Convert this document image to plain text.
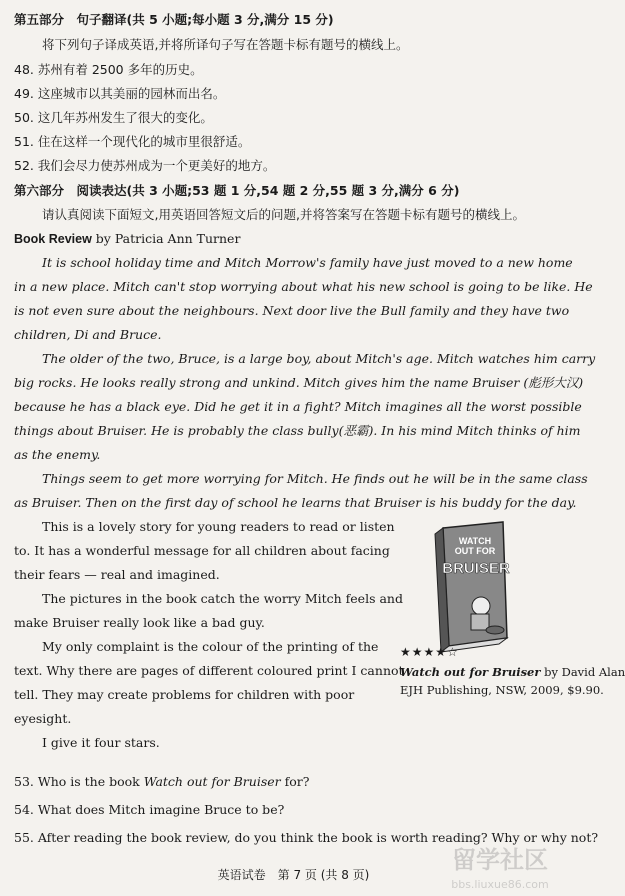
第五部分　句子翻译(共 5 小题;每小题 3 分,满分 15 分)
将下列句子译成英语,并将所译句子写在答题卡标有题号的横线上。
48. 苏州有着 2500 多年的历史。
49. 这座城市以其美丽的园林而出名。
50. 这几年苏州发生了很大的变化。
51. 住在这样一个现代化的城市里很舒适。
52. 我们会尽力使苏州成为一个更美好的地方。
第六部分　阅读表达(共 3 小题;53 题 1 分,54 题 2 分,55 题 3 分,满分 6 分)
请认真阅读下面短文,用英语回答短文后的问题,并将答案写在答题卡标有题号的横线上。
Book Review by Patricia Ann Turner
It is school holiday time and Mitch Morrow's family have just moved to a new home
in a new place. Mitch can't stop worrying about what his new school is going to be like. He
is not even sure about the neighbours. Next door live the Bull family and they have two
children, Di and Bruce.
The older of the two, Bruce, is a large boy, about Mitch's age. Mitch watches him carry
big rocks. He looks really strong and unkind. Mitch gives him the name Bruiser (彪形大汉)
because he has a black eye. Did he get it in a fight? Mitch imagines all the worst possible
things about Bruiser. He is probably the class bully(恶霸). In his mind Mitch thinks of him
as the enemy.
Things seem to get more worrying for Mitch. He finds out he will be in the same class
as Bruiser. Then on the first day of school he learns that Bruiser is his buddy for the day.
This is a lovely story for young readers to read or listen
to. It has a wonderful message for all children about facing
their fears — real and imagined.
The pictures in the book catch the worry Mitch feels and
make Bruiser really look like a bad guy.
My only complaint is the colour of the printing of the
text. Why there are pages of different coloured print I cannot
tell. They may create problems for children with poor
eyesight.
I give it four stars.
WATCH
OUT FOR
BRUISER
★★★★☆
Watch out for Bruiser by David Alan
EJH Publishing, NSW, 2009, $9.90.
53. Who is the book Watch out for Bruiser for?
54. What does Mitch imagine Bruce to be?
55. After reading the book review, do you think the book is worth reading? Why or why not?
英语试卷　第 7 页 (共 8 页)
留学社区
bbs.liuxue86.com
